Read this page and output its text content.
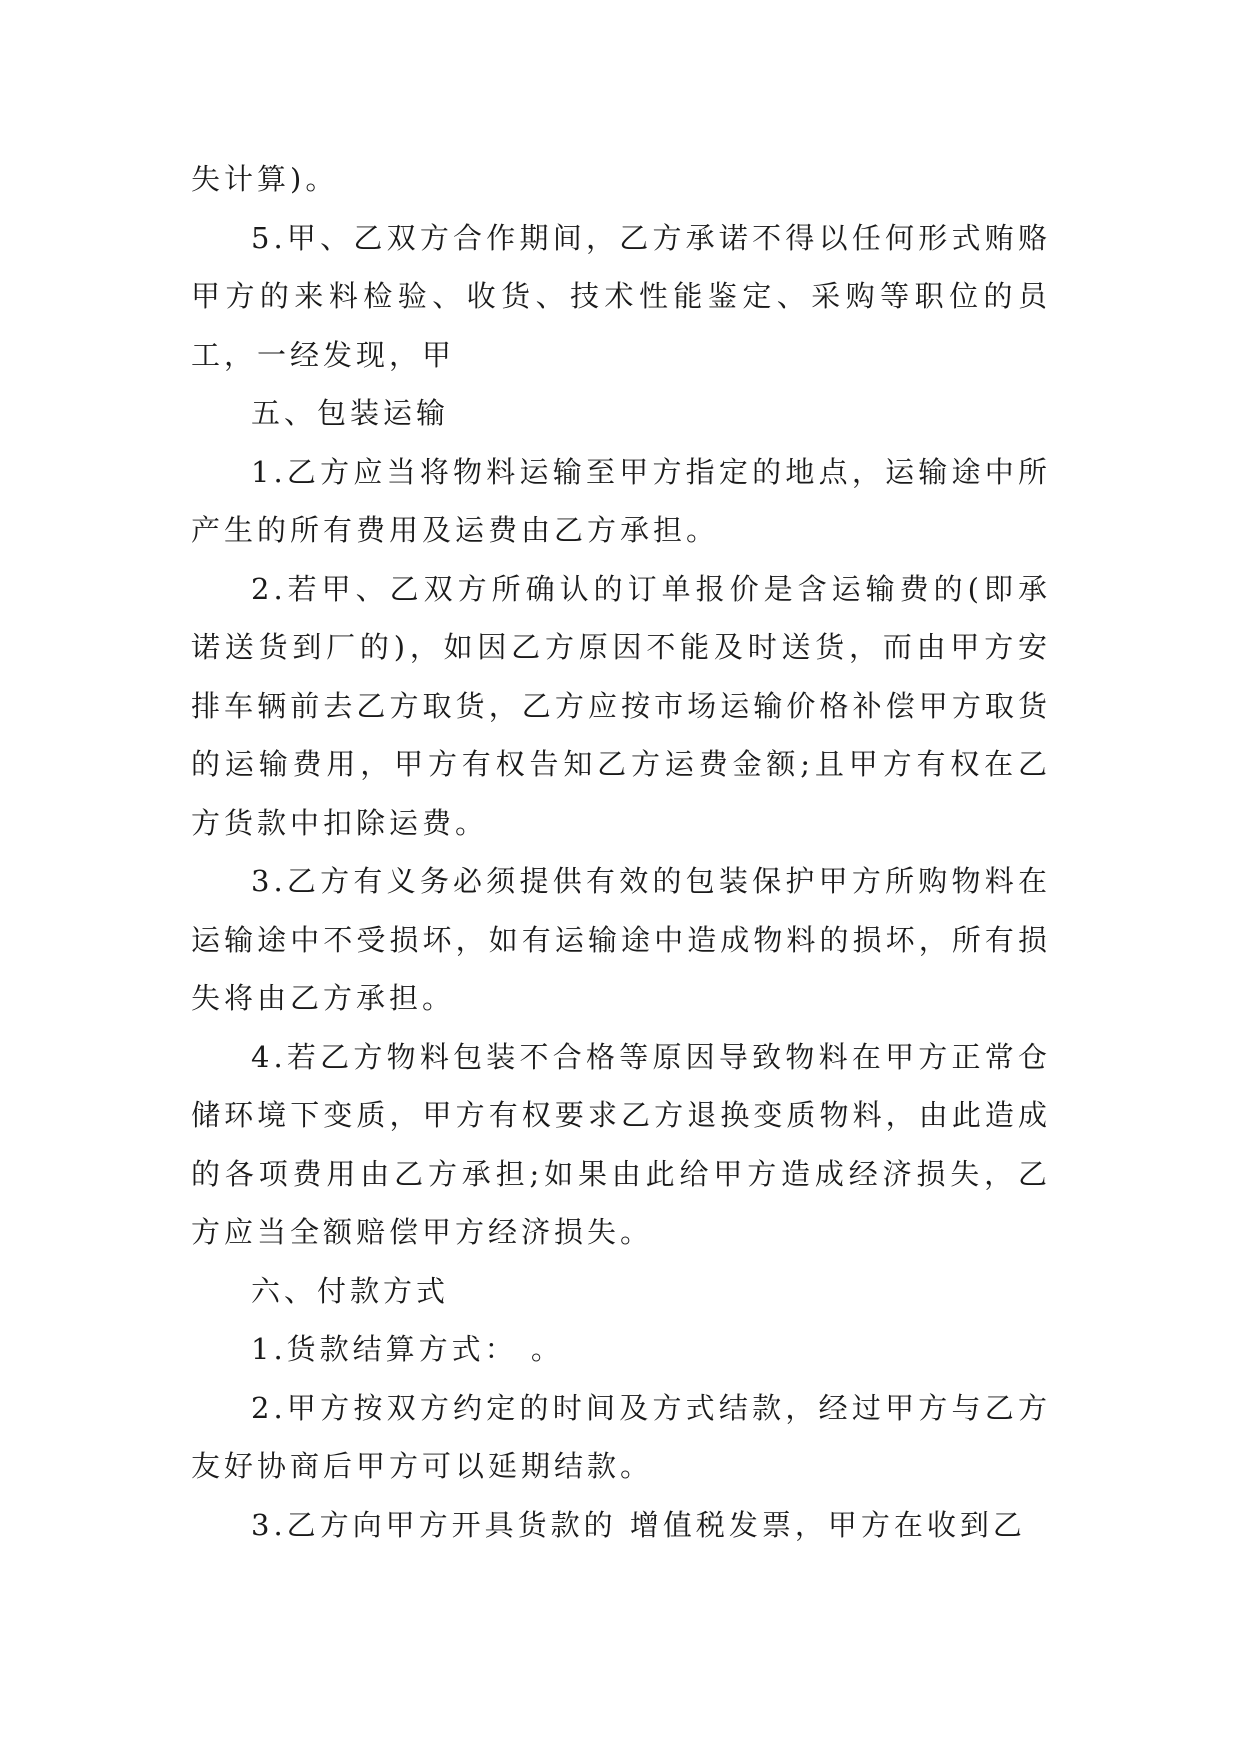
失计算)。

5.甲、乙双方合作期间，乙方承诺不得以任何形式贿赂甲方的来料检验、收货、技术性能鉴定、采购等职位的员工，一经发现，甲

五、包装运输

1.乙方应当将物料运输至甲方指定的地点，运输途中所产生的所有费用及运费由乙方承担。

2.若甲、乙双方所确认的订单报价是含运输费的(即承诺送货到厂的)，如因乙方原因不能及时送货，而由甲方安排车辆前去乙方取货，乙方应按市场运输价格补偿甲方取货的运输费用，甲方有权告知乙方运费金额;且甲方有权在乙方货款中扣除运费。

3.乙方有义务必须提供有效的包装保护甲方所购物料在运输途中不受损坏，如有运输途中造成物料的损坏，所有损失将由乙方承担。

4.若乙方物料包装不合格等原因导致物料在甲方正常仓储环境下变质，甲方有权要求乙方退换变质物料，由此造成的各项费用由乙方承担;如果由此给甲方造成经济损失，乙方应当全额赔偿甲方经济损失。

六、付款方式

1.货款结算方式： 。

2.甲方按双方约定的时间及方式结款，经过甲方与乙方友好协商后甲方可以延期结款。

3.乙方向甲方开具货款的 增值税发票，甲方在收到乙
